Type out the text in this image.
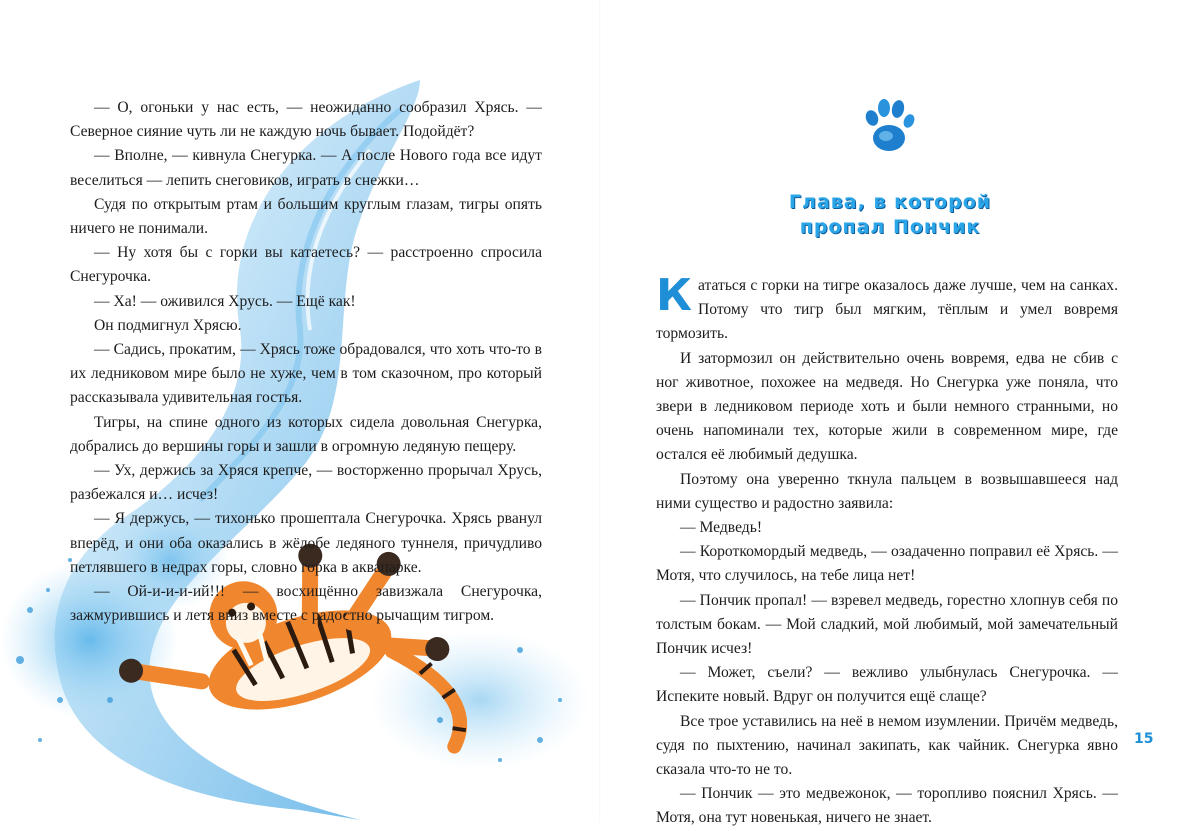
— О, огоньки у нас есть, — неожиданно сообразил Хрясь. — Северное сияние чуть ли не каждую ночь бывает. Подойдёт?

— Вполне, — кивнула Снегурка. — А после Нового года все идут веселиться — лепить снеговиков, играть в снежки…

Судя по открытым ртам и большим круглым глазам, тигры опять ничего не понимали.

— Ну хотя бы с горки вы катаетесь? — расстроенно спросила Снегурочка.

— Ха! — оживился Хрусь. — Ещё как!

Он подмигнул Хрясю.

— Садись, прокатим, — Хрясь тоже обрадовался, что хоть что-то в их ледниковом мире было не хуже, чем в том сказочном, про который рассказывала удивительная гостья.

Тигры, на спине одного из которых сидела довольная Снегурка, добрались до вершины горы и зашли в огромную ледяную пещеру.

— Ух, держись за Хряся крепче, — восторженно прорычал Хрусь, разбежался и… исчез!

— Я держусь, — тихонько прошептала Снегурочка. Хрясь рванул вперёд, и они оба оказались в жёлобе ледяного туннеля, причудливо петлявшего в недрах горы, словно горка в аквапарке.

— Ой-и-и-и-ий!!! — восхищённо завизжала Снегурочка, зажмурившись и летя вниз вместе с радостно рычащим тигром.

Глава, в которой
пропал Пончик

Кататься с горки на тигре оказалось даже лучше, чем на санках. Потому что тигр был мягким, тёплым и умел вовремя тормозить.

И затормозил он действительно очень вовремя, едва не сбив с ног животное, похожее на медведя. Но Снегурка уже поняла, что звери в ледниковом периоде хоть и были немного странными, но очень напоминали тех, которые жили в современном мире, где остался её любимый дедушка.

Поэтому она уверенно ткнула пальцем в возвышавшееся над ними существо и радостно заявила:

— Медведь!

— Короткомордый медведь, — озадаченно поправил её Хрясь. — Мотя, что случилось, на тебе лица нет!

— Пончик пропал! — взревел медведь, горестно хлопнув себя по толстым бокам. — Мой сладкий, мой любимый, мой замечательный Пончик исчез!

— Может, съели? — вежливо улыбнулась Снегурочка. — Испеките новый. Вдруг он получится ещё слаще?

Все трое уставились на неё в немом изумлении. Причём медведь, судя по пыхтению, начинал закипать, как чайник. Снегурка явно сказала что-то не то.

— Пончик — это медвежонок, — торопливо пояснил Хрясь. — Мотя, она тут новенькая, ничего не знает.

15
